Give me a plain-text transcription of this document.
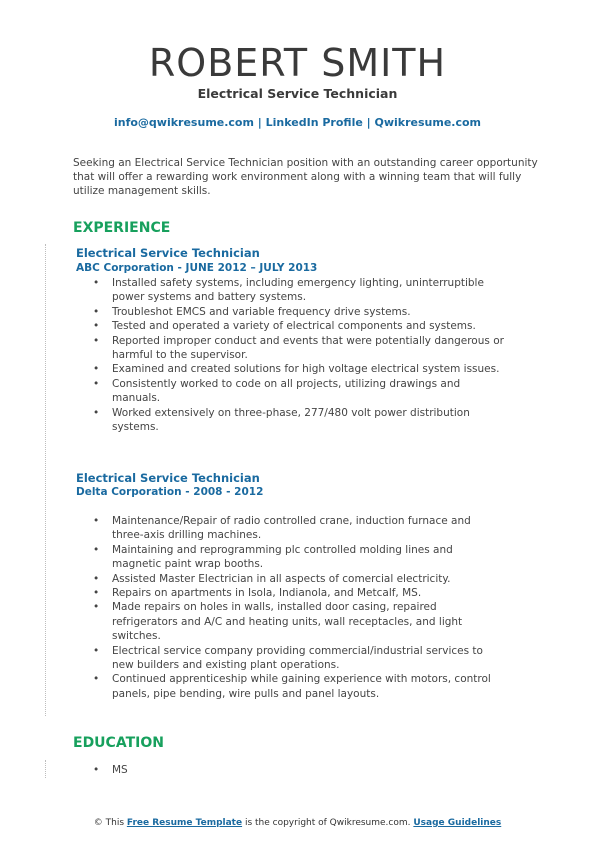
ROBERT SMITH
Electrical Service Technician
info@qwikresume.com | LinkedIn Profile | Qwikresume.com
Seeking an Electrical Service Technician position with an outstanding career opportunity that will offer a rewarding work environment along with a winning team that will fully utilize management skills.
EXPERIENCE
Electrical Service Technician
ABC Corporation - JUNE 2012 – JULY 2013
• Installed safety systems, including emergency lighting, uninterruptible power systems and battery systems.
• Troubleshot EMCS and variable frequency drive systems.
• Tested and operated a variety of electrical components and systems.
• Reported improper conduct and events that were potentially dangerous or harmful to the supervisor.
• Examined and created solutions for high voltage electrical system issues.
• Consistently worked to code on all projects, utilizing drawings and manuals.
• Worked extensively on three-phase, 277/480 volt power distribution systems.
Electrical Service Technician
Delta Corporation - 2008 - 2012
• Maintenance/Repair of radio controlled crane, induction furnace and three-axis drilling machines.
• Maintaining and reprogramming plc controlled molding lines and magnetic paint wrap booths.
• Assisted Master Electrician in all aspects of comercial electricity.
• Repairs on apartments in Isola, Indianola, and Metcalf, MS.
• Made repairs on holes in walls, installed door casing, repaired refrigerators and A/C and heating units, wall receptacles, and light switches.
• Electrical service company providing commercial/industrial services to new builders and existing plant operations.
• Continued apprenticeship while gaining experience with motors, control panels, pipe bending, wire pulls and panel layouts.
EDUCATION
• MS
© This Free Resume Template is the copyright of Qwikresume.com. Usage Guidelines
